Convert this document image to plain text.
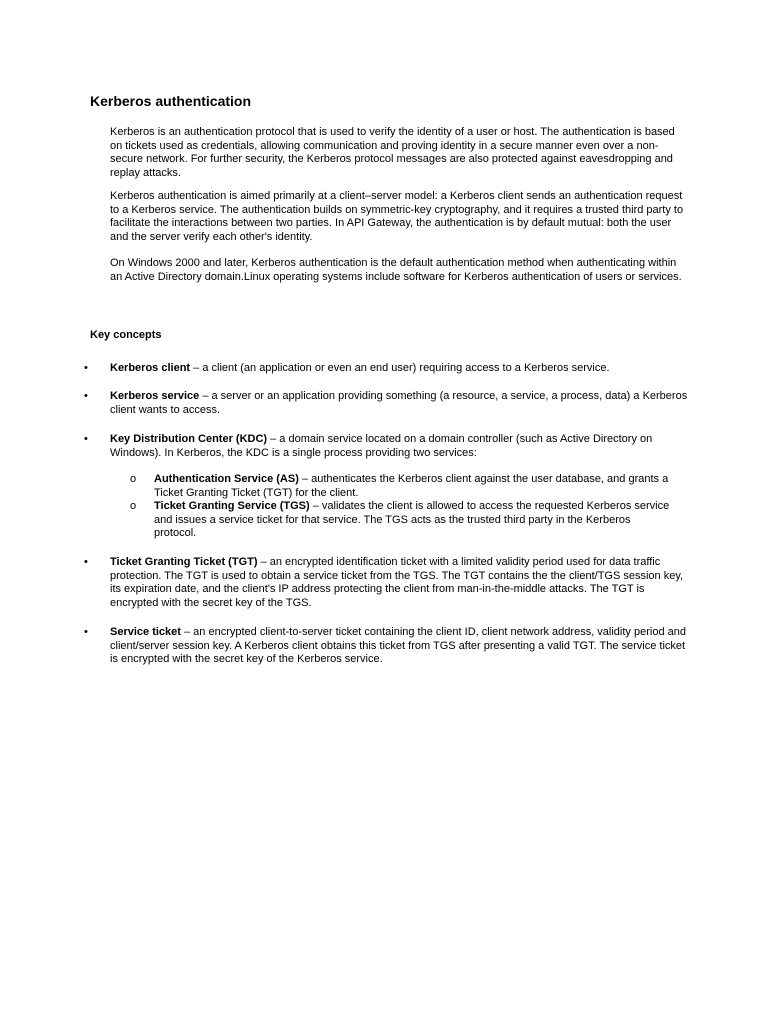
Kerberos authentication

Kerberos is an authentication protocol that is used to verify the identity of a user or host. The authentication is based on tickets used as credentials, allowing communication and proving identity in a secure manner even over a non-secure network. For further security, the Kerberos protocol messages are also protected against eavesdropping and replay attacks.

Kerberos authentication is aimed primarily at a client–server model: a Kerberos client sends an authentication request to a Kerberos service. The authentication builds on symmetric-key cryptography, and it requires a trusted third party to facilitate the interactions between two parties. In API Gateway, the authentication is by default mutual: both the user and the server verify each other's identity.

On Windows 2000 and later, Kerberos authentication is the default authentication method when authenticating within an Active Directory domain.Linux operating systems include software for Kerberos authentication of users or services.

Key concepts
• Kerberos client – a client (an application or even an end user) requiring access to a Kerberos service.

• Kerberos service – a server or an application providing something (a resource, a service, a process, data) a Kerberos client wants to access.

• Key Distribution Center (KDC) – a domain service located on a domain controller (such as Active Directory on Windows). In Kerberos, the KDC is a single process providing two services:

o Authentication Service (AS) – authenticates the Kerberos client against the user database, and grants a Ticket Granting Ticket (TGT) for the client.

o Ticket Granting Service (TGS) – validates the client is allowed to access the requested Kerberos service and issues a service ticket for that service. The TGS acts as the trusted third party in the Kerberos protocol.

• Ticket Granting Ticket (TGT) – an encrypted identification ticket with a limited validity period used for data traffic protection. The TGT is used to obtain a service ticket from the TGS. The TGT contains the the client/TGS session key, its expiration date, and the client's IP address protecting the client from man-in-the-middle attacks. The TGT is encrypted with the secret key of the TGS.

• Service ticket – an encrypted client-to-server ticket containing the client ID, client network address, validity period and client/server session key. A Kerberos client obtains this ticket from TGS after presenting a valid TGT. The service ticket is encrypted with the secret key of the Kerberos service.
